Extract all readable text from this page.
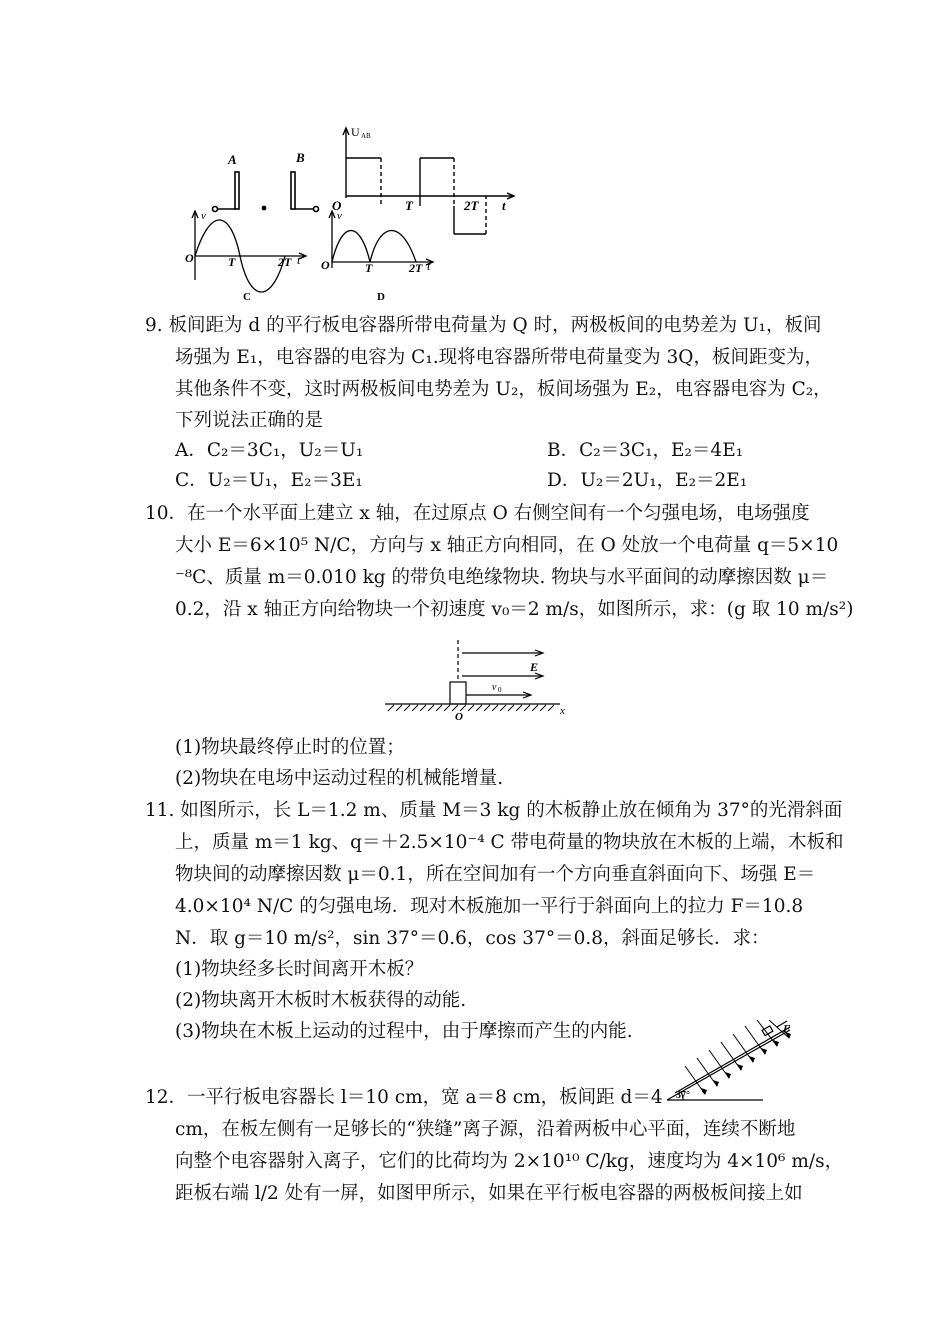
A	B
U AB
O	T	2T t
v
O	T	2T t
C
v
O	T	2T t
D
9. 板间距为 d 的平行板电容器所带电荷量为 Q 时，两极板间的电势差为 U₁，板间
场强为 E₁，电容器的电容为 C₁.现将电容器所带电荷量变为 3Q，板间距变为，
其他条件不变，这时两极板间电势差为 U₂，板间场强为 E₂，电容器电容为 C₂，
下列说法正确的是
A．C₂＝3C₁，U₂＝U₁	B．C₂＝3C₁，E₂＝4E₁
C．U₂＝U₁，E₂＝3E₁	D．U₂＝2U₁，E₂＝2E₁
10．在一个水平面上建立 x 轴，在过原点 O 右侧空间有一个匀强电场，电场强度
大小 E＝6×10⁵ N/C，方向与 x 轴正方向相同，在 O 处放一个电荷量 q＝5×10
⁻⁸C、质量 m＝0.010 kg 的带负电绝缘物块. 物块与水平面间的动摩擦因数 μ＝
0.2，沿 x 轴正方向给物块一个初速度 v₀＝2 m/s，如图所示，求：(g 取 10 m/s²)
E
v 0
O	x
(1)物块最终停止时的位置；
(2)物块在电场中运动过程的机械能增量.
11. 如图所示，长 L＝1.2 m、质量 M＝3 kg 的木板静止放在倾角为 37°的光滑斜面
上，质量 m＝1 kg、q＝＋2.5×10⁻⁴ C 带电荷量的物块放在木板的上端，木板和
物块间的动摩擦因数 μ＝0.1，所在空间加有一个方向垂直斜面向下、场强 E＝
4.0×10⁴ N/C 的匀强电场．现对木板施加一平行于斜面向上的拉力 F＝10.8
N．取 g＝10 m/s²，sin 37°＝0.6，cos 37°＝0.8，斜面足够长．求：
(1)物块经多长时间离开木板？
(2)物块离开木板时木板获得的动能.
(3)物块在木板上运动的过程中，由于摩擦而产生的内能.	F
37°
12．一平行板电容器长 l＝10 cm，宽 a＝8 cm，板间距 d＝4
cm，在板左侧有一足够长的“狭缝”离子源，沿着两板中心平面，连续不断地
向整个电容器射入离子，它们的比荷均为 2×10¹⁰ C/kg，速度均为 4×10⁶ m/s，
距板右端 l/2 处有一屏，如图甲所示，如果在平行板电容器的两极板间接上如
